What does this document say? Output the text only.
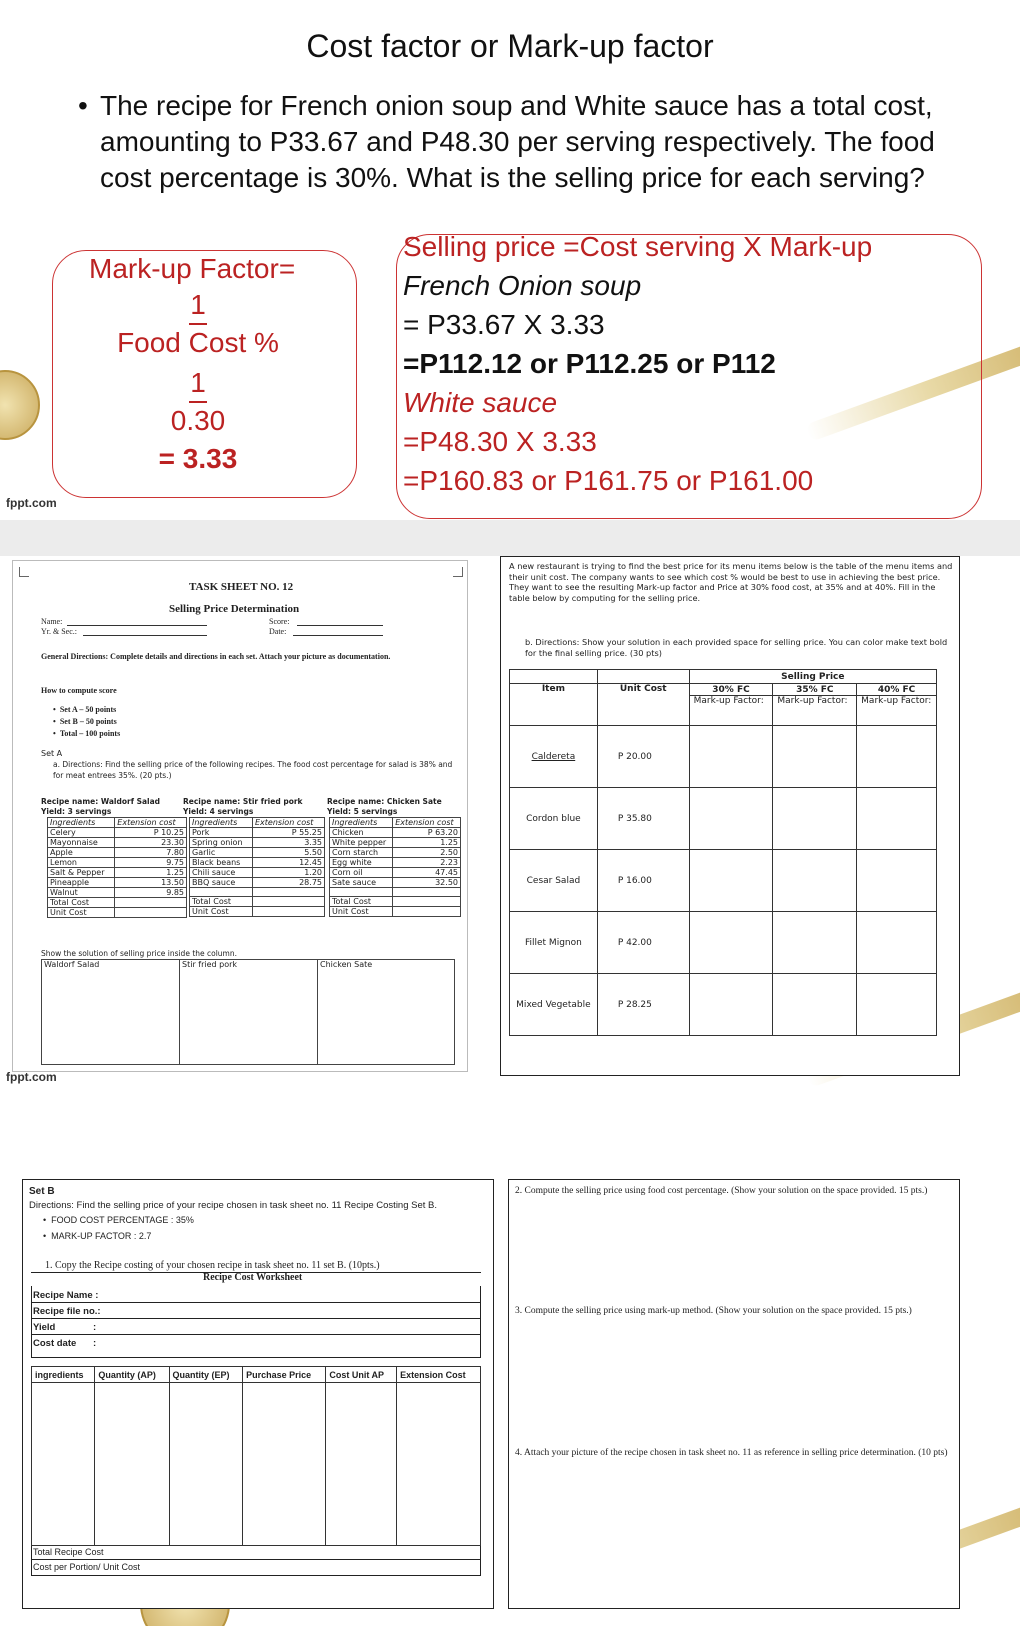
Cost factor or Mark-up factor
• The recipe for French onion soup and White sauce has a total cost, amounting to P33.67 and P48.30 per serving respectively. The food cost percentage is 30%. What is the selling price for each serving?
Mark-up Factor=
1
Food Cost %
1
0.30
= 3.33
Selling price =Cost serving X Mark-up
French Onion soup
= P33.67 X 3.33
=P112.12 or P112.25 or P112
White sauce
=P48.30 X 3.33
=P160.83 or P161.75 or P161.00
fppt.com
TASK SHEET NO. 12
Selling Price Determination
Name:
Yr. & Sec.:
Score:
Date:
General Directions: Complete details and directions in each set. Attach your picture as documentation.
How to compute score
•  Set A – 50 points
•  Set B – 50 points
•  Total – 100 points
Set A
a. Directions: Find the selling price of the following recipes. The food cost percentage for salad is 38% and for meat entrees 35%. (20 pts.)
Recipe name: Waldorf Salad
Yield: 3 servings
Recipe name: Stir fried pork
Yield: 4 servings
Recipe name: Chicken Sate
Yield: 5 servings
Ingredients	Extension cost
Celery	P 10.25
Mayonnaise	23.30
Apple	7.80
Lemon	9.75
Salt & Pepper	1.25
Pineapple	13.50
Walnut	9.85
Total Cost	
Unit Cost	
Ingredients	Extension cost
Pork	P 55.25
Spring onion	3.35
Garlic	5.50
Black beans	12.45
Chili sauce	1.20
BBQ sauce	28.75

Total Cost	
Unit Cost	
Ingredients	Extension cost
Chicken	P 63.20
White pepper	1.25
Corn starch	2.50
Egg white	2.23
Corn oil	47.45
Sate sauce	32.50

Total Cost	
Unit Cost	
Show the solution of selling price inside the column.
Waldorf Salad	Stir fried pork	Chicken Sate
A new restaurant is trying to find the best price for its menu items below is the table of the menu items and their unit cost. The company wants to see which cost % would be best to use in achieving the best price. They want to see the resulting Mark-up factor and Price at 30% food cost, at 35% and at 40%. Fill in the table below by computing for the selling price.
b. Directions: Show your solution in each provided space for selling price. You can color make text bold for the final selling price. (30 pts)
		Selling Price		
Item	Unit Cost	30% FC	35% FC	40% FC
		Mark-up Factor:	Mark-up Factor:	Mark-up Factor:
Caldereta	P 20.00			
Cordon blue	P 35.80			
Cesar Salad	P 16.00			
Fillet Mignon	P 42.00			
Mixed Vegetable	P 28.25			
fppt.com
Set B
Directions: Find the selling price of your recipe chosen in task sheet no. 11 Recipe Costing Set B.
•  FOOD COST PERCENTAGE : 35%
•  MARK-UP FACTOR : 2.7
1. Copy the Recipe costing of your chosen recipe in task sheet no. 11 set B. (10pts.)
Recipe Cost Worksheet
Recipe Name :
Recipe file no.:
Yield	:
Cost date :
ingredients	Quantity (AP)	Quantity (EP)	Purchase Price	Cost Unit AP	Extension Cost

Total Recipe Cost
Cost per Portion/ Unit Cost
2. Compute the selling price using food cost percentage. (Show your solution on the space provided. 15 pts.)
3. Compute the selling price using mark-up method. (Show your solution on the space provided. 15 pts.)
4. Attach your picture of the recipe chosen in task sheet no. 11 as reference in selling price determination. (10 pts)
